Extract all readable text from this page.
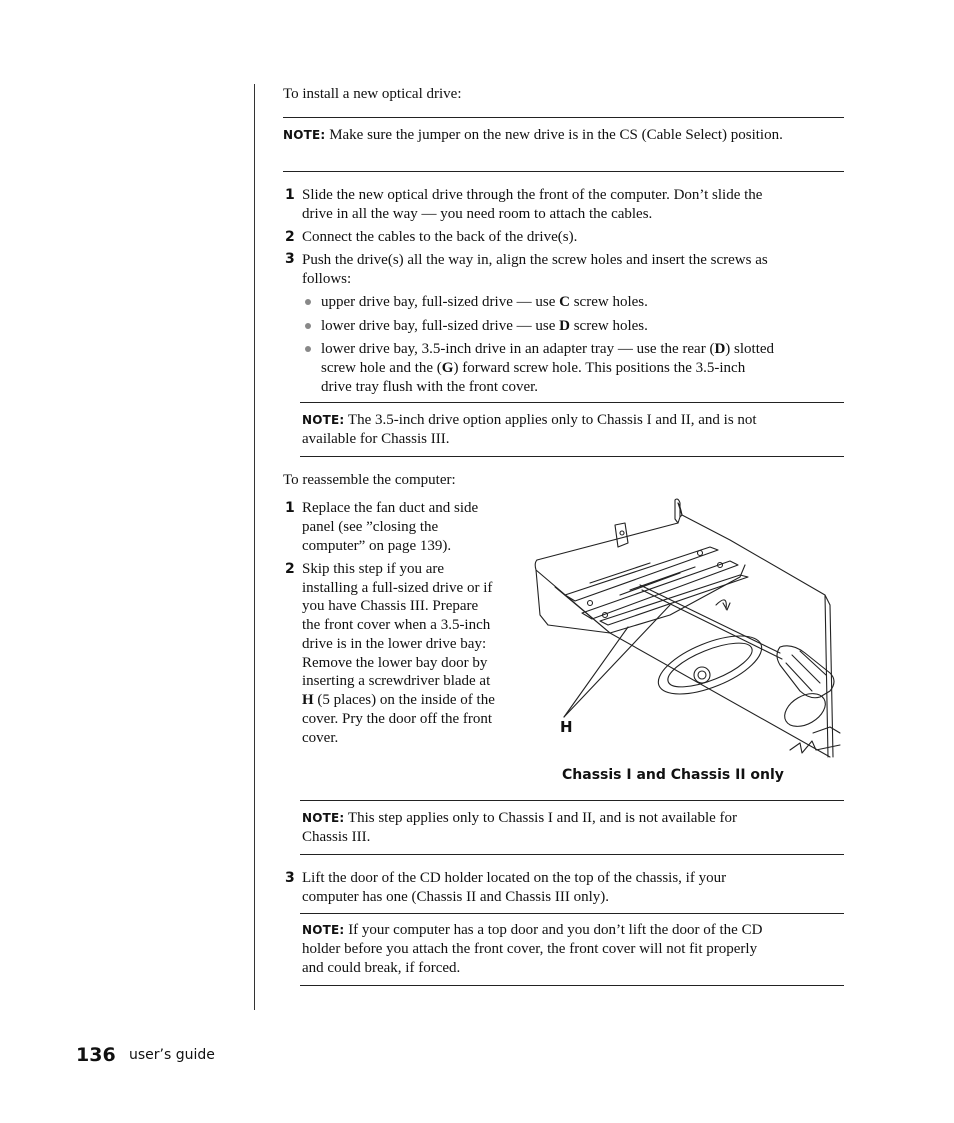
To install a new optical drive:
NOTE: Make sure the jumper on the new drive is in the CS (Cable Select) position.
1 Slide the new optical drive through the front of the computer. Don’t slide the
drive in all the way — you need room to attach the cables.
2 Connect the cables to the back of the drive(s).
3 Push the drive(s) all the way in, align the screw holes and insert the screws as
follows:
upper drive bay, full-sized drive — use C screw holes.
lower drive bay, full-sized drive — use D screw holes.
lower drive bay, 3.5-inch drive in an adapter tray — use the rear (D) slotted
screw hole and the (G) forward screw hole. This positions the 3.5-inch
drive tray flush with the front cover.
NOTE: The 3.5-inch drive option applies only to Chassis I and II, and is not
available for Chassis III.
To reassemble the computer:
1 Replace the fan duct and side
panel (see ”closing the
computer” on page 139).
2 Skip this step if you are
installing a full-sized drive or if
you have Chassis III. Prepare
the front cover when a 3.5-inch
drive is in the lower drive bay:
Remove the lower bay door by
inserting a screwdriver blade at
H (5 places) on the inside of the
cover. Pry the door off the front
cover.
H
Chassis I and Chassis II only
NOTE: This step applies only to Chassis I and II, and is not available for
Chassis III.
3 Lift the door of the CD holder located on the top of the chassis, if your
computer has one (Chassis II and Chassis III only).
NOTE: If your computer has a top door and you don’t lift the door of the CD
holder before you attach the front cover, the front cover will not fit properly
and could break, if forced.
136 user’s guide
